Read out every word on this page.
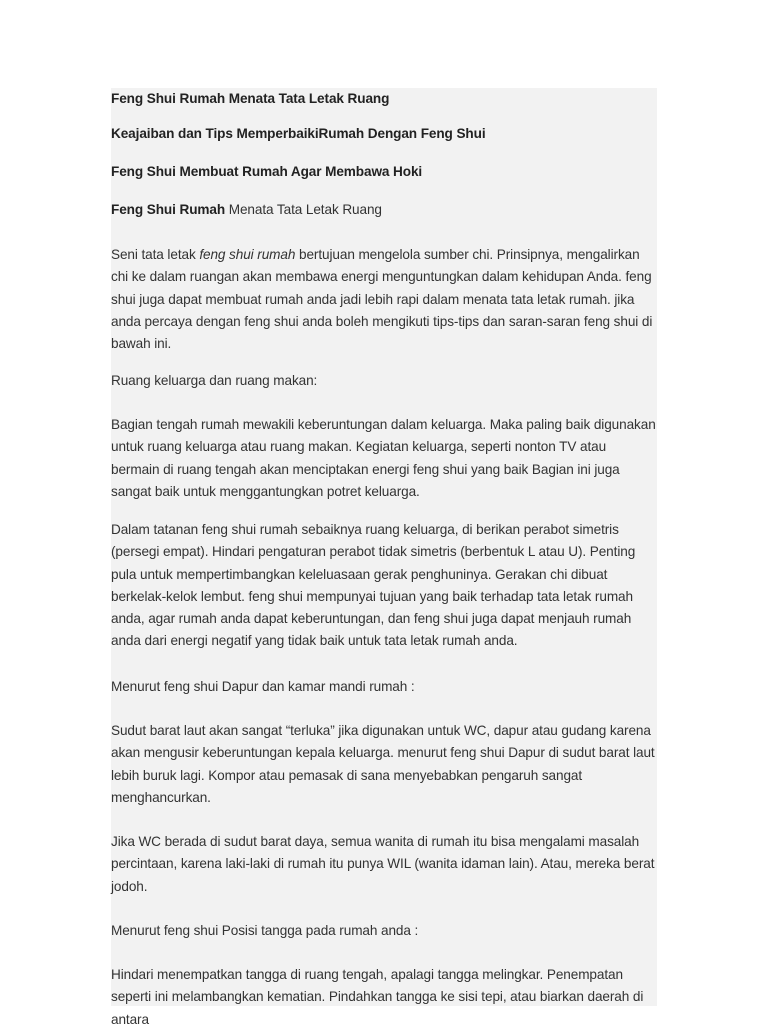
Feng Shui Rumah Menata Tata Letak Ruang

Keajaiban dan Tips MemperbaikiRumah Dengan Feng Shui

Feng Shui Membuat Rumah Agar Membawa Hoki

Feng Shui Rumah Menata Tata Letak Ruang

Seni tata letak feng shui rumah bertujuan mengelola sumber chi. Prinsipnya, mengalirkan chi ke dalam ruangan akan membawa energi menguntungkan dalam kehidupan Anda. feng shui juga dapat membuat rumah anda jadi lebih rapi dalam menata tata letak rumah. jika anda percaya dengan feng shui anda boleh mengikuti tips-tips dan saran-saran feng shui di bawah ini.

Ruang keluarga dan ruang makan:

Bagian tengah rumah mewakili keberuntungan dalam keluarga. Maka paling baik digunakan untuk ruang keluarga atau ruang makan. Kegiatan keluarga, seperti nonton TV atau bermain di ruang tengah akan menciptakan energi feng shui yang baik Bagian ini juga sangat baik untuk menggantungkan potret keluarga.

Dalam tatanan feng shui rumah sebaiknya ruang keluarga, di berikan perabot simetris (persegi empat). Hindari pengaturan perabot tidak simetris (berbentuk L atau U). Penting pula untuk mempertimbangkan keleluasaan gerak penghuninya. Gerakan chi dibuat berkelak-kelok lembut. feng shui mempunyai tujuan yang baik terhadap tata letak rumah anda, agar rumah anda dapat keberuntungan, dan feng shui juga dapat menjauh rumah anda dari energi negatif yang tidak baik untuk tata letak rumah anda.

Menurut feng shui Dapur dan kamar mandi rumah :

Sudut barat laut akan sangat “terluka” jika digunakan untuk WC, dapur atau gudang karena akan mengusir keberuntungan kepala keluarga. menurut feng shui Dapur di sudut barat laut lebih buruk lagi. Kompor atau pemasak di sana menyebabkan pengaruh sangat menghancurkan.

Jika WC berada di sudut barat daya, semua wanita di rumah itu bisa mengalami masalah percintaan, karena laki-laki di rumah itu punya WIL (wanita idaman lain). Atau, mereka berat jodoh.

Menurut feng shui Posisi tangga pada rumah anda :

Hindari menempatkan tangga di ruang tengah, apalagi tangga melingkar. Penempatan seperti ini melambangkan kematian. Pindahkan tangga ke sisi tepi, atau biarkan daerah di antara
